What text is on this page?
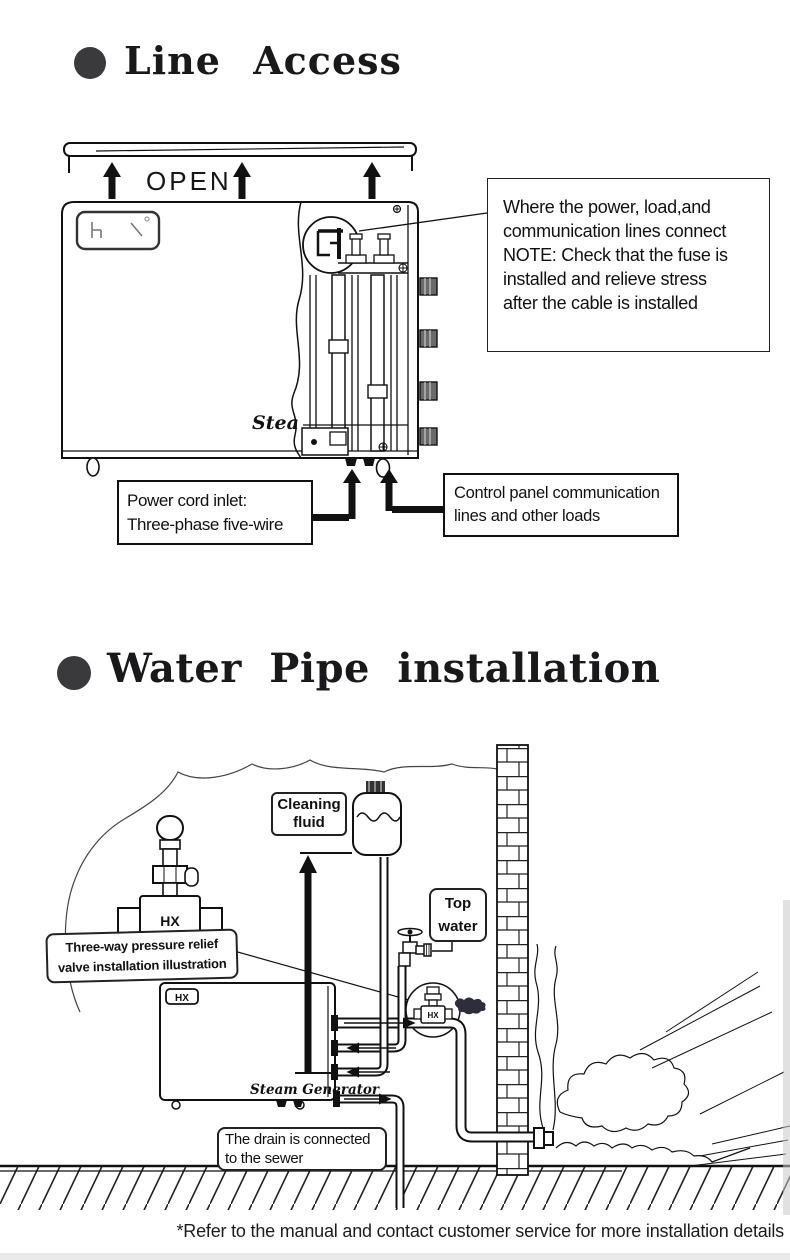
Line Access
OPEN
Stea
Where the power, load,and
communication lines connect
NOTE: Check that the fuse is
installed and relieve stress
after the cable is installed
Power cord inlet:
Three-phase five-wire
Control panel communication
lines and other loads
Water Pipe installation
HX
HX
HX
Cleaning
fluid
Top
water
Three-way pressure relief
valve installation illustration
The drain is connected
to the sewer
Steam Generator
*Refer to the manual and contact customer service for more installation details
